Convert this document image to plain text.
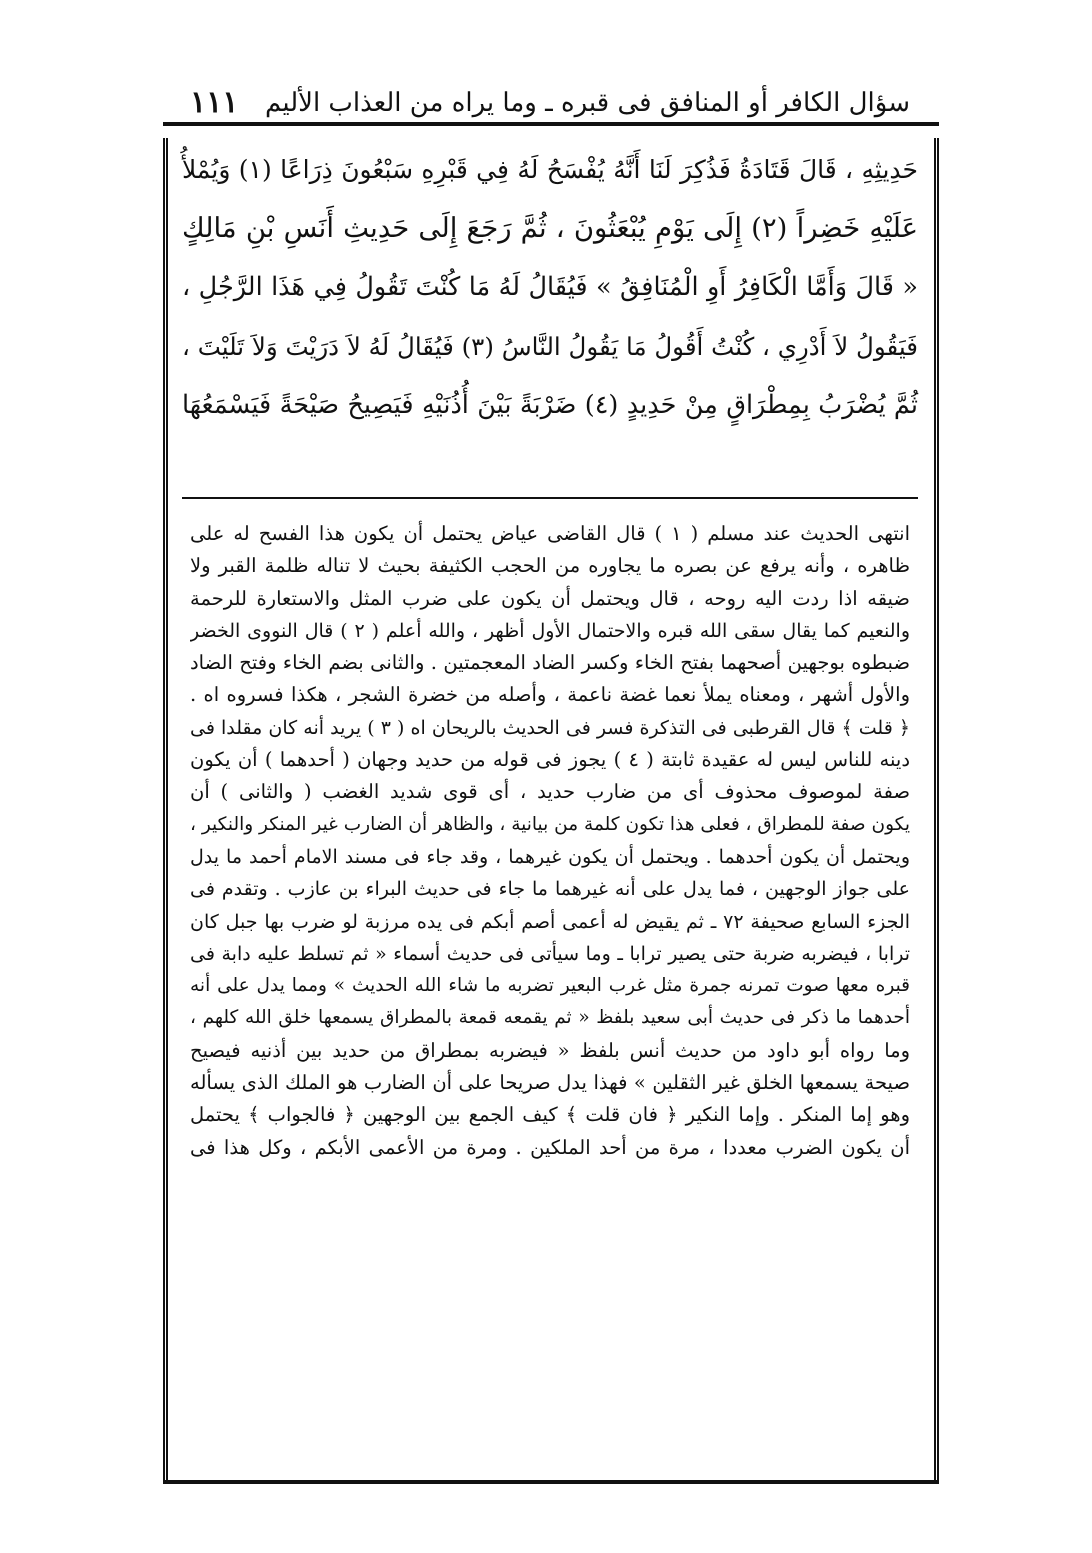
سؤال الكافر أو المنافق فى قبره ـ وما يراه من العذاب الأليم
١١١
حَدِيثِهِ ، قَالَ قَتَادَةُ فَذُكِرَ لَنَا أَنَّهُ يُفْسَحُ لَهُ فِي قَبْرِهِ سَبْعُونَ ذِرَاعًا (١) وَيُمْلأُ
عَلَيْهِ خَضِراً (٢) إِلَى يَوْمِ يُبْعَثُونَ ، ثُمَّ رَجَعَ إِلَى حَدِيثِ أَنَسِ بْنِ مَالِكٍ
« قَالَ وَأَمَّا الْكَافِرُ أَوِ الْمُنَافِقُ » فَيُقَالُ لَهُ مَا كُنْتَ تَقُولُ فِي هَذَا الرَّجُلِ ،
فَيَقُولُ لاَ أَدْرِي ، كُنْتُ أَقُولُ مَا يَقُولُ النَّاسُ (٣) فَيُقَالُ لَهُ لاَ دَرَيْتَ وَلاَ تَلَيْتَ ،
ثُمَّ يُضْرَبُ بِمِطْرَاقٍ مِنْ حَدِيدٍ (٤) ضَرْبَةً بَيْنَ أُذُنَيْهِ فَيَصِيحُ صَيْحَةً فَيَسْمَعُهَا
انتهى الحديث عند مسلم ( ١ ) قال القاضى عياض يحتمل أن يكون هذا الفسح له على
ظاهره ، وأنه يرفع عن بصره ما يجاوره من الحجب الكثيفة بحيث لا تناله ظلمة القبر ولا
ضيقه اذا ردت اليه روحه ، قال ويحتمل أن يكون على ضرب المثل والاستعارة للرحمة
والنعيم كما يقال سقى الله قبره والاحتمال الأول أظهر ، والله أعلم ( ٢ ) قال النووى الخضر
ضبطوه بوجهين أصحهما بفتح الخاء وكسر الضاد المعجمتين . والثانى بضم الخاء وفتح الضاد
والأول أشهر ، ومعناه يملأ نعما غضة ناعمة ، وأصله من خضرة الشجر ، هكذا فسروه اه .
﴿ قلت ﴾ قال القرطبى فى التذكرة فسر فى الحديث بالريحان اه ( ٣ ) يريد أنه كان مقلدا فى
دينه للناس ليس له عقيدة ثابتة ( ٤ ) يجوز فى قوله من حديد وجهان ( أحدهما ) أن يكون
صفة لموصوف محذوف أى من ضارب حديد ، أى قوى شديد الغضب ( والثانى ) أن
يكون صفة للمطراق ، فعلى هذا تكون كلمة من بيانية ، والظاهر أن الضارب غير المنكر والنكير ،
ويحتمل أن يكون أحدهما . ويحتمل أن يكون غيرهما ، وقد جاء فى مسند الامام أحمد ما يدل
على جواز الوجهين ، فما يدل على أنه غيرهما ما جاء فى حديث البراء بن عازب . وتقدم فى
الجزء السابع صحيفة ٧٢ ـ ثم يقيض له أعمى أصم أبكم فى يده مرزبة لو ضرب بها جبل كان
ترابا ، فيضربه ضربة حتى يصير ترابا ـ وما سيأتى فى حديث أسماء « ثم تسلط عليه دابة فى
قبره معها صوت تمرنه جمرة مثل غرب البعير تضربه ما شاء الله الحديث » ومما يدل على أنه
أحدهما ما ذكر فى حديث أبى سعيد بلفظ « ثم يقمعه قمعة بالمطراق يسمعها خلق الله كلهم ،
وما رواه أبو داود من حديث أنس بلفظ « فيضربه بمطراق من حديد بين أذنيه فيصيح
صيحة يسمعها الخلق غير الثقلين » فهذا يدل صريحا على أن الضارب هو الملك الذى يسأله
وهو إما المنكر . وإما النكير ﴿ فان قلت ﴾ كيف الجمع بين الوجهين ﴿ فالجواب ﴾ يحتمل
أن يكون الضرب معددا ، مرة من أحد الملكين . ومرة من الأعمى الأبكم ، وكل هذا فى
